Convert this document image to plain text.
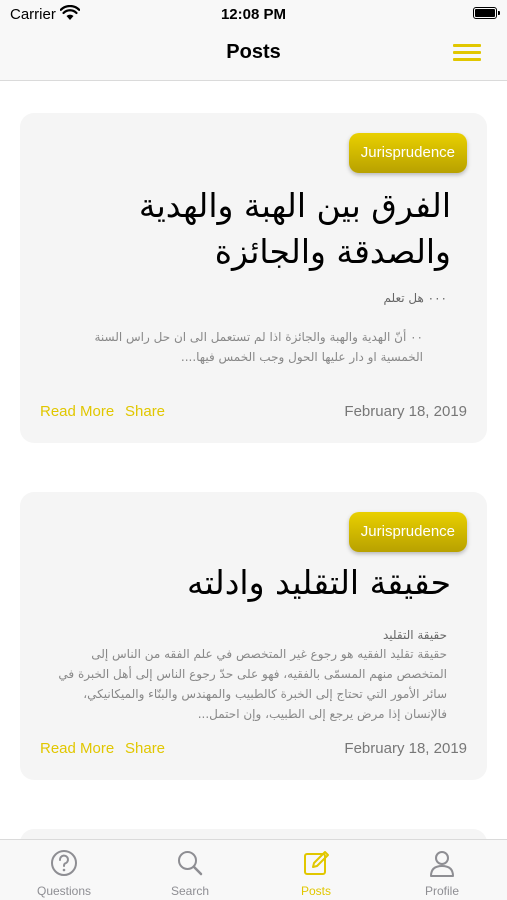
Carrier	12:08 PM
Posts
Jurisprudence
الفرق بين الهبة والهدية والصدقة والجائزة
٠٠٠ هل تعلم
٠٠ أنّ الهدية والهبة والجائزة اذا لم تستعمل الى ان حل راس السنة الخمسية او دار عليها الحول وجب الخمس فيها....
Read More Share	February 18, 2019
Jurisprudence
حقيقة التقليد وادلته
حقيقة التقليد
حقيقة تقليد الفقيه هو رجوع غير المتخصص في علم الفقه من الناس إلى المتخصص منهم المسمّى بالفقيه، فهو على حدّ رجوع الناس إلى أهل الخبرة في سائر الأمور التي تحتاج إلى الخبرة كالطبيب والمهندس والبنّاء والميكانيكي، فالإنسان إذا مرض يرجع إلى الطبيب، وإن احتمل...
Read More Share	February 18, 2019
Questions	Search	Posts	Profile
